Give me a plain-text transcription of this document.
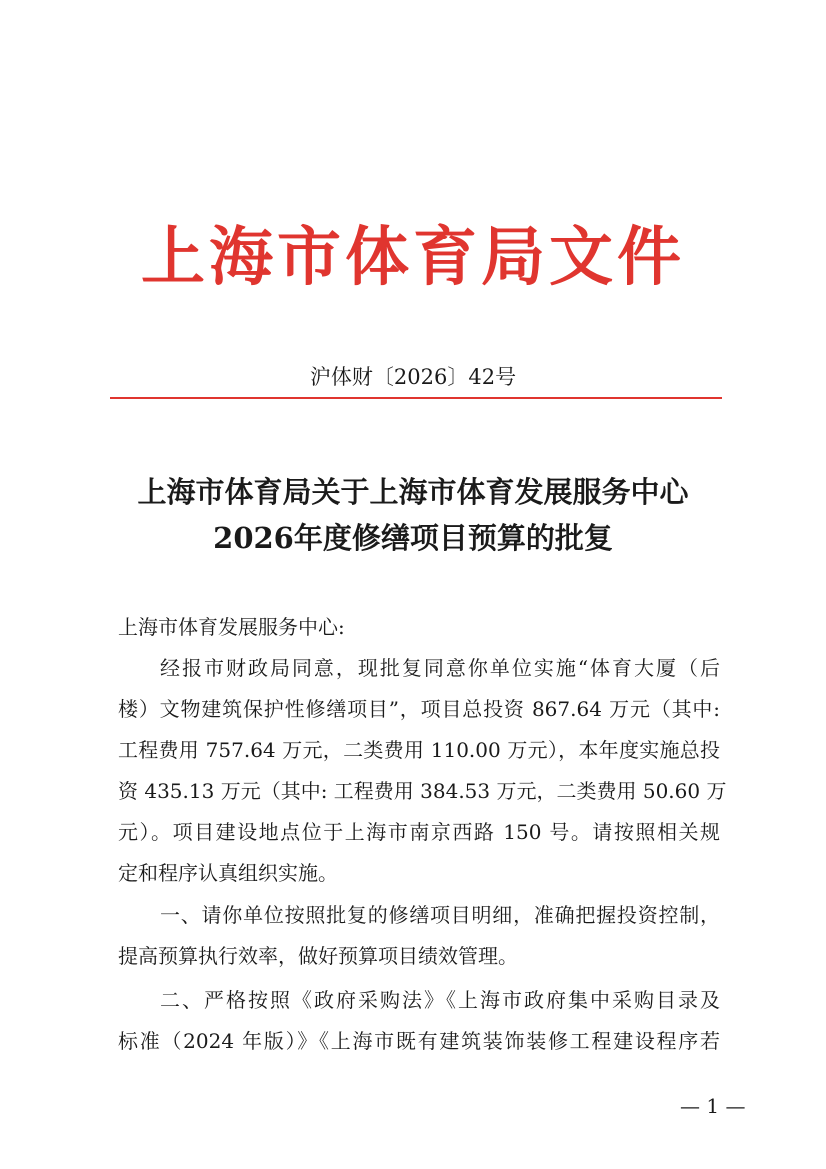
上海市体育局文件
沪体财〔2026〕42号
上海市体育局关于上海市体育发展服务中心
2026年度修缮项目预算的批复
上海市体育发展服务中心:
经报市财政局同意，现批复同意你单位实施“体育大厦（后
楼）文物建筑保护性修缮项目”，项目总投资 867.64 万元（其中:
工程费用 757.64 万元，二类费用 110.00 万元），本年度实施总投
资 435.13 万元（其中: 工程费用 384.53 万元，二类费用 50.60 万
元）。项目建设地点位于上海市南京西路 150 号。请按照相关规
定和程序认真组织实施。
一、请你单位按照批复的修缮项目明细，准确把握投资控制，
提高预算执行效率，做好预算项目绩效管理。
二、严格按照《政府采购法》《上海市政府集中采购目录及
标准（2024 年版）》《上海市既有建筑装饰装修工程建设程序若
— 1 —
